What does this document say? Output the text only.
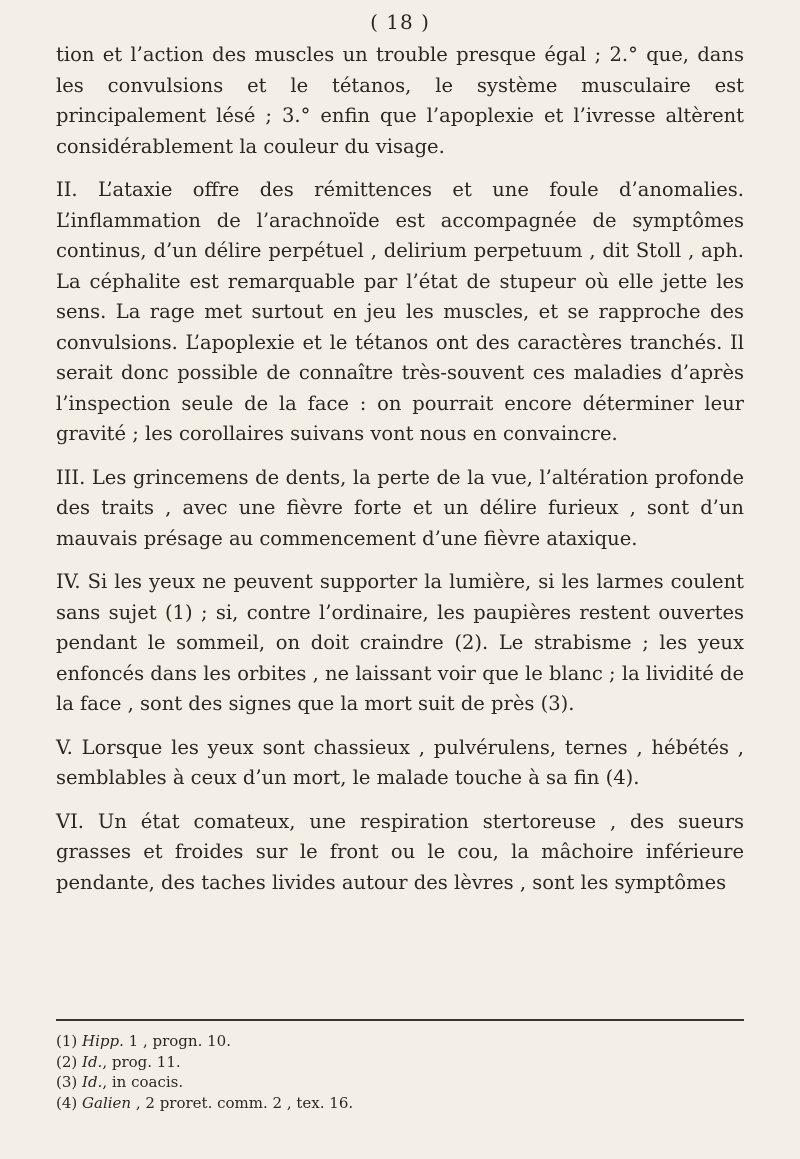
( 18 )

tion et l’action des muscles un trouble presque égal ; 2.° que, dans les convulsions et le tétanos, le système musculaire est principalement lésé ; 3.° enfin que l’apoplexie et l’ivresse altèrent considérablement la couleur du visage.

II. L’ataxie offre des rémittences et une foule d’anomalies. L’inflammation de l’arachnoïde est accompagnée de symptômes continus, d’un délire perpétuel , delirium perpetuum , dit Stoll , aph. La céphalite est remarquable par l’état de stupeur où elle jette les sens. La rage met surtout en jeu les muscles, et se rapproche des convulsions. L’apoplexie et le tétanos ont des caractères tranchés. Il serait donc possible de connaître très-souvent ces maladies d’après l’inspection seule de la face : on pourrait encore déterminer leur gravité ; les corollaires suivans vont nous en convaincre.

III. Les grincemens de dents, la perte de la vue, l’altération profonde des traits , avec une fièvre forte et un délire furieux , sont d’un mauvais présage au commencement d’une fièvre ataxique.

IV. Si les yeux ne peuvent supporter la lumière, si les larmes coulent sans sujet (1) ; si, contre l’ordinaire, les paupières restent ouvertes pendant le sommeil, on doit craindre (2). Le strabisme ; les yeux enfoncés dans les orbites , ne laissant voir que le blanc ; la lividité de la face , sont des signes que la mort suit de près (3).

V. Lorsque les yeux sont chassieux , pulvérulens, ternes , hébétés , semblables à ceux d’un mort, le malade touche à sa fin (4).

VI. Un état comateux, une respiration stertoreuse , des sueurs grasses et froides sur le front ou le cou, la mâchoire inférieure pendante, des taches livides autour des lèvres , sont les symptômes

(1) Hipp. 1 , progn. 10.

(2) Id., prog. 11.

(3) Id., in coacis.

(4) Galien , 2 proret. comm. 2 , tex. 16.
